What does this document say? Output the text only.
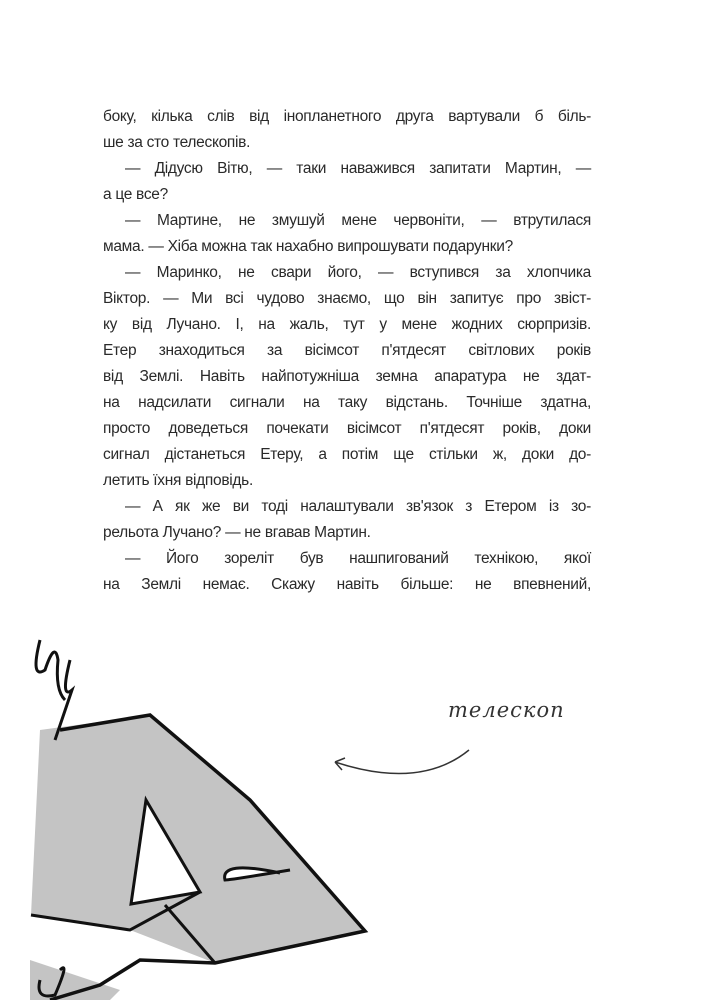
боку, кілька слів від інопланетного друга вартували б біль-
ше за сто телескопів.
— Дідусю Вітю, — таки наважився запитати Мартин, —
а це все?
— Мартине, не змушуй мене червоніти, — втрутилася
мама. — Хіба можна так нахабно випрошувати подарунки?
— Маринко, не свари його, — вступився за хлопчика
Віктор. — Ми всі чудово знаємо, що він запитує про звіст-
ку від Лучано. І, на жаль, тут у мене жодних сюрпризів.
Етер знаходиться за вісімсот п'ятдесят світлових років
від Землі. Навіть найпотужніша земна апаратура не здат-
на надсилати сигнали на таку відстань. Точніше здатна,
просто доведеться почекати вісімсот п'ятдесят років, доки
сигнал дістанеться Етеру, а потім ще стільки ж, доки до-
летить їхня відповідь.
— А як же ви тоді налаштували зв'язок з Етером із зо-
рельота Лучано? — не вгавав Мартин.
— Його зореліт був нашпигований технікою, якої
на Землі немає. Скажу навіть більше: не впевнений,
телескоп
